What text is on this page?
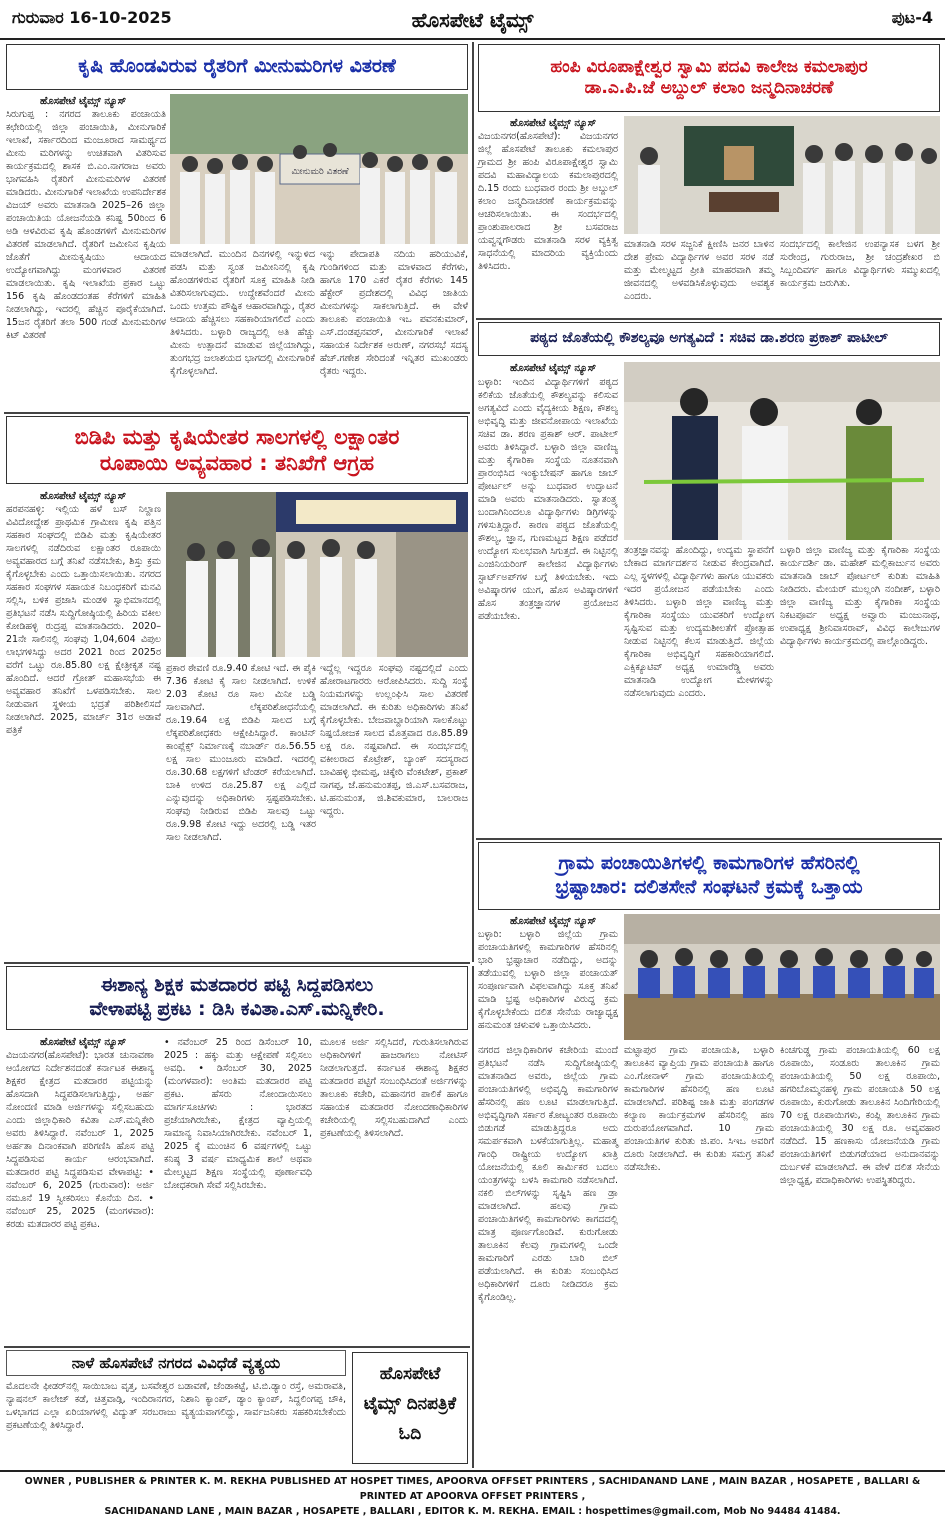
ಹೊಸಪೇಟೆ ಟೈಮ್ಸ್
ಗುರುವಾರ 16-10-2025	ಪುಟ-4
ಕೃಷಿ ಹೊಂಡವಿರುವ ರೈತರಿಗೆ ಮೀನುಮರಿಗಳ ವಿತರಣೆ
ಹೊಸಪೇಟೆ ಟೈಮ್ಸ್ ನ್ಯೂಸ್
ಸಿರುಗುಪ್ಪ : ನಗರದ ತಾಲೂಕು ಪಂಚಾಯತಿ ಕಛೇರಿಯಲ್ಲಿ ಜಿಲ್ಲಾ ಪಂಚಾಯಿತಿ, ಮೀನುಗಾರಿಕೆ ಇಲಾಖೆ, ಸರ್ಕಾರದಿಂದ ಮಂಜೂರಾದ ಸಾಮರ್ಥ್ಯದ ಮೀನು ಮರಿಗಳನ್ನು ಉಚಿತವಾಗಿ ವಿತರಿಸುವ ಕಾರ್ಯಕ್ರಮದಲ್ಲಿ ಶಾಸಕ ಬಿ.ಎಂ.ನಾಗರಾಜ ಅವರು ಭಾಗವಹಿಸಿ ರೈತರಿಗೆ ಮೀನುಮರಿಗಳ ವಿತರಣೆ ಮಾಡಿದರು. ಮೀನುಗಾರಿಕೆ ಇಲಾಖೆಯ ಉಪನಿರ್ದೇಶಕ ವಿಜಯ್ ಅವರು ಮಾತನಾಡಿ 2025–26 ಜಿಲ್ಲಾ ಪಂಚಾಯಿತಿಯ ಯೋಜನೆಯಡಿ ಕನಿಷ್ಟ 50ರಿಂದ 6 ಅಡಿ ಆಳವಿರುವ ಕೃಷಿ ಹೊಂಡಗಳಿಗೆ ಮೀನುಮರಿಗಳ ವಿತರಣೆ ಮಾಡಲಾಗಿದೆ. ರೈತರಿಗೆ ಜಮೀನಿನ ಕೃಷಿಯ ಜೊತೆಗೆ ಮೀನುಕೃಷಿಯು ಆದಾಯದ ಉದ್ಯೋಗವಾಗಿದ್ದು ಮಂಗಳವಾರ ವಿತರಣೆ ಮಾಡಲಾಯಿತು. ಕೃಷಿ ಇಲಾಖೆಯ ಪ್ರಕಾರ ಒಟ್ಟು 156 ಕೃಷಿ ಹೊಂಡದಂತಹ ಕೆರೆಗಳಿಗೆ ಮಾಹಿತಿ ನೀಡಲಾಗಿದ್ದು, ಇದರಲ್ಲಿ ಹೆಚ್ಚಿನ ಪೂರೈಕೆಯಾಗಿದೆ. 15ಜನ ರೈತರಿಗೆ ತಲಾ 500 ಗಂಡೆ ಮೀನುಮರಿಗಳ ಕಿಟ್ ವಿತರಣೆ
ಮೀನುಮರಿ ವಿತರಣೆ
ಮಾಡಲಾಗಿದೆ. ಮುಂದಿನ ದಿನಗಳಲ್ಲಿ ಇನ್ನುಳಿದ ಪಡಸಿ ಮತ್ತು ಸ್ವಂತ ಜಮೀನಿನಲ್ಲಿ ಕೃಷಿ ಹೊಂಡಗಳಿರುವ ರೈತರಿಗೆ ಸೂಕ್ತ ಮಾಹಿತಿ ನೀಡಿ ವಿತರಿಸಲಾಗುವುದು. ಉದ್ದೇಶವೆಂದರೆ ಮೀನು ಒಂದು ಉತ್ತಮ ಪೌಷ್ಟಿಕ ಆಹಾರವಾಗಿದ್ದು, ರೈತರ ಆದಾಯ ಹೆಚ್ಚಿಸಲು ಸಹಕಾರಿಯಾಗಲಿದೆ ಎಂದು ತಿಳಿಸಿದರು. ಬಳ್ಳಾರಿ ರಾಜ್ಯದಲ್ಲಿ ಅತಿ ಹೆಚ್ಚು ಮೀನು ಉತ್ಪಾದನೆ ಮಾಡುವ ಜಿಲ್ಲೆಯಾಗಿದ್ದು, ತುಂಗಭದ್ರ ಜಲಾಶಯದ ಭಾಗದಲ್ಲಿ ಮೀನುಗಾರಿಕೆ ಕೈಗೊಳ್ಳಲಾಗಿದೆ.
ಇನ್ನು ಪೇದಾಪತಿ ನದಿಯ ಹರಿಯುವಿಕೆ, ಗುಂಡಿಗಳಿಂದ ಮತ್ತು ಮಾಳವಾದ ಕೆರೆಗಳು, ಹಾಗೂ 170 ಎಕರೆ ರೈತರ ಕೆರೆಗಳು 145 ಹೆಕ್ಟೇರ್ ಪ್ರದೇಶದಲ್ಲಿ ವಿವಿಧ ಜಾತಿಯ ಮೀನುಗಳನ್ನು ಸಾಕಲಾಗುತ್ತಿದೆ. ಈ ವೇಳೆ ತಾಲೂಕು ಪಂಚಾಯಿತಿ ಇಒ ಪವನಕುಮಾರ್, ಎಸ್.ದಂಡಪ್ಪನವರ್, ಮೀನುಗಾರಿಕೆ ಇಲಾಖೆ ಸಹಾಯಕ ನಿರ್ದೇಶಕ ಅರುಣ್, ನಗರಸಭೆ ಸದಸ್ಯ ಹೆಚ್.ಗಣೇಶ ಸೇರಿದಂತೆ ಇನ್ನಿತರ ಮುಖಂಡರು ರೈತರು ಇದ್ದರು.
ಬಿಡಿಪಿ ಮತ್ತು ಕೃಷಿಯೇತರ ಸಾಲಗಳಲ್ಲಿ ಲಕ್ಷಾಂತರ
ರೂಪಾಯಿ ಅವ್ಯವಹಾರ : ತನಿಖೆಗೆ ಆಗ್ರಹ
ಹೊಸಪೇಟೆ ಟೈಮ್ಸ್ ನ್ಯೂಸ್
ಹರಪನಹಳ್ಳಿ: ಇಲ್ಲಿಯ ಹಳೆ ಬಸ್ ನಿಲ್ದಾಣ ವಿವಿದೋದ್ದೇಶ ಪ್ರಾಥಮಿಕ ಗ್ರಾಮೀಣ ಕೃಷಿ ಪತ್ತಿನ ಸಹಕಾರ ಸಂಘದಲ್ಲಿ ಬಿಡಿಪಿ ಮತ್ತು ಕೃಷಿಯೇತರ ಸಾಲಗಳಲ್ಲಿ ನಡೆದಿರುವ ಲಕ್ಷಾಂತರ ರೂಪಾಯಿ ಅವ್ಯವಹಾರದ ಬಗ್ಗೆ ತನಿಖೆ ನಡೆಸಬೇಕು, ಶಿಸ್ತು ಕ್ರಮ ಕೈಗೊಳ್ಳಬೇಕು ಎಂದು ಒತ್ತಾಯಿಸಲಾಯಿತು. ನಗರದ ಸಹಕಾರ ಸಂಘಗಳ ಸಹಾಯಕ ನಿಬಂಧಕರಿಗೆ ಮನವಿ ಸಲ್ಲಿಸಿ, ಬಳಿಕ ಪ್ರಜಾಸಿ ಮಂಡಳಿ ಸ್ವಾಭಿಮಾನದಲ್ಲಿ ಪ್ರತಿಭಟನೆ ನಡೆಸಿ ಸುದ್ದಿಗೋಷ್ಠಿಯಲ್ಲಿ ಹಿರಿಯ ವಕೀಲ ಕೋಡಿಹಳ್ಳಿ ರುದ್ರಪ್ಪ ಮಾತನಾಡಿದರು. 2020–21ನೇ ಸಾಲಿನಲ್ಲಿ ಸಂಘವು 1,04,604 ವಿಪುಲ ಲಾಭಗಳಿಸಿದ್ದು ಅದರ 2021 ರಿಂದ 2025ರ ವರೆಗೆ ಒಟ್ಟು ರೂ.85.80 ಲಕ್ಷ ಕ್ಷೇತ್ರೀಕೃತ ನಷ್ಟ ಹೊಂದಿದೆ. ಆದರೆ ಗ್ರೋತ್ ಮಹಾಸಭೆಯ ಈ ಅವ್ಯವಹಾರ ತನಿಖೆಗೆ ಒಳಪಡಿಸಬೇಕು. ಸಾಲ ನೀಡುವಾಗ ಸ್ಥಳೀಯ ಭದ್ರತೆ ಪರಿಶೀಲಿಸದೆ ನೀಡಲಾಗಿದೆ. 2025, ಮಾರ್ಚ್ 31ರ ಅಡಾವೆ ಪತ್ರಿಕೆ
ಪ್ರಕಾರ ಠೇವಣಿ ರೂ.9.40 ಕೋಟಿ ಇದೆ. ಈ ಪೈಕಿ 7.36 ಕೋಟಿ ಕೈ ಸಾಲ ನೀಡಲಾಗಿದೆ. ಉಳಿಕೆ 2.03 ಕೋಟಿ ರೂ ಸಾಲ ಮಿನೀ ಬಡ್ಡಿ ಸಾಲವಾಗಿದೆ. ಲೆಕ್ಕಪರಿಶೋಧನೆಯಲ್ಲಿ ರೂ.19.64 ಲಕ್ಷ ಬಿಡಿಪಿ ಸಾಲದ ಬಗ್ಗೆ ಲೆಕ್ಕಪರಿಶೋಧಕರು ಆಕ್ಷೇಪಿಸಿದ್ದಾರೆ. ಕಾಂಟಿನ್ ಕಾಂಪ್ಲೆಕ್ಸ್ ನಿರ್ಮಾಣಕ್ಕೆ ನಬಾರ್ಡ್ ರೂ.56.55 ಲಕ್ಷ ಸಾಲ ಮುಂಜೂರು ಮಾಡಿದೆ. ಇದರಲ್ಲಿ ರೂ.30.68 ಲಕ್ಷಗಳಿಗೆ ಟೆಂಡರ್ ಕರೆಯಲಾಗಿದೆ. ಬಾಕಿ ಉಳಿದ ರೂ.25.87 ಲಕ್ಷ ಎಲ್ಲಿದೆ ಎನ್ನುವುದನ್ನು ಅಧಿಕಾರಿಗಳು ಸ್ಪಷ್ಟಪಡಿಸಬೇಕು. ಸಂಘವು ನೀಡಿರುವ ಬಿಡಿಪಿ ಸಾಲವು ಒಟ್ಟು ರೂ.9.98 ಕೋಟಿ ಇದ್ದು ಅದರಲ್ಲಿ ಬಡ್ಡಿ ಇತರ ಸಾಲ ನೀಡಲಾಗಿದೆ.
ಇದ್ದೆಲ್ಲ ಇದ್ದರೂ ಸಂಘವು ನಷ್ಟದಲ್ಲಿದೆ ಎಂದು ಹೋರಾಟಗಾರರು ಆರೋಪಿಸಿದರು. ಸುದ್ದಿ ಸಂಸ್ಥೆ ನಿಯಮಗಳನ್ನು ಉಲ್ಲಂಘಿಸಿ ಸಾಲ ವಿತರಣೆ ಮಾಡಲಾಗಿದೆ. ಈ ಕುರಿತು ಅಧಿಕಾರಿಗಳು ತನಿಖೆ ಕೈಗೊಳ್ಳಬೇಕು. ಬೇಜವಾಬ್ದಾರಿಯಾಗಿ ಸಾಲಕೊಟ್ಟು ನಿಷ್ಪಯೋಜಕ ಸಾಲದ ಮೊತ್ತವಾದ ರೂ.85.89 ಲಕ್ಷ ರೂ. ನಷ್ಟವಾಗಿದೆ. ಈ ಸಂದರ್ಭದಲ್ಲಿ ವಕೀಲರಾದ ಕೊಟ್ರೇಶ್, ಬ್ಯಾಂಕ್ ಸದಸ್ಯರಾದ ಬಾವಿಹಳ್ಳಿ ಭೀಮಪ್ಪ, ಚಿಕ್ಕೇರಿ ವೆಂಕಟೇಶ್, ಪ್ರಕಾಶ್ ನಾಗಪ್ಪ, ಜೆ.ಹನುಮಂತಪ್ಪ, ಜಿ.ಎಸ್.ಬಸವರಾಜ, ಟಿ.ಹನುಮಂತ, ಜಿ.ಶಿವಕುಮಾರ, ಬಾಲರಾಜ ಇದ್ದರು.
ಈಶಾನ್ಯ ಶಿಕ್ಷಕ ಮತದಾರರ ಪಟ್ಟಿ ಸಿದ್ದಪಡಿಸಲು
ವೇಳಾಪಟ್ಟಿ ಪ್ರಕಟ : ಡಿಸಿ ಕವಿತಾ.ಎಸ್.ಮನ್ನಿಕೇರಿ.
ಹೊಸಪೇಟೆ ಟೈಮ್ಸ್ ನ್ಯೂಸ್
ವಿಜಯನಗರ(ಹೊಸಪೇಟೆ): ಭಾರತ ಚುನಾವಣಾ ಆಯೋಗದ ನಿರ್ದೇಶನದಂತೆ ಕರ್ನಾಟಕ ಈಶಾನ್ಯ ಶಿಕ್ಷಕರ ಕ್ಷೇತ್ರದ ಮತದಾರರ ಪಟ್ಟಿಯನ್ನು ಹೊಸದಾಗಿ ಸಿದ್ದಪಡಿಸಲಾಗುತ್ತಿದ್ದು, ಅರ್ಹ ನೋಂದಣಿ ಮಾಡಿ ಅರ್ಜಿಗಳನ್ನು ಸಲ್ಲಿಸಬಹುದು ಎಂದು ಜಿಲ್ಲಾಧಿಕಾರಿ ಕವಿತಾ ಎಸ್.ಮನ್ನಿಕೇರಿ ಅವರು ತಿಳಿಸಿದ್ದಾರೆ. ನವೆಂಬರ್ 1, 2025 ಅರ್ಹತಾ ದಿನಾಂಕವಾಗಿ ಪರಿಗಣಿಸಿ ಹೊಸ ಪಟ್ಟಿ ಸಿದ್ದಪಡಿಸುವ ಕಾರ್ಯ ಆರಂಭವಾಗಿದೆ. ಮತದಾರರ ಪಟ್ಟಿ ಸಿದ್ದಪಡಿಸುವ ವೇಳಾಪಟ್ಟಿ: • ನವೆಂಬರ್ 6, 2025 (ಗುರುವಾರ): ಅರ್ಜಿ ನಮೂನೆ 19 ಸ್ವೀಕರಿಸಲು ಕೊನೆಯ ದಿನ. • ನವೆಂಬರ್ 25, 2025 (ಮಂಗಳವಾರ): ಕರಡು ಮತದಾರರ ಪಟ್ಟಿ ಪ್ರಕಟ.
• ನವೆಂಬರ್ 25 ರಿಂದ ಡಿಸೆಂಬರ್ 10, 2025 : ಹಕ್ಕು ಮತ್ತು ಆಕ್ಷೇಪಣೆ ಸಲ್ಲಿಸಲು ಅವಧಿ. • ಡಿಸೆಂಬರ್ 30, 2025 (ಮಂಗಳವಾರ): ಅಂತಿಮ ಮತದಾರರ ಪಟ್ಟಿ ಪ್ರಕಟ. ಹೆಸರು ನೋಂದಾಯಿಸಲು ಮಾರ್ಗಸೂಚಿಗಳು : ಭಾರತದ ಪ್ರಜೆಯಾಗಿರಬೇಕು, ಕ್ಷೇತ್ರದ ವ್ಯಾಪ್ತಿಯಲ್ಲಿ ಸಾಮಾನ್ಯ ನಿವಾಸಿಯಾಗಿರಬೇಕು. ನವೆಂಬರ್ 1, 2025 ಕ್ಕೆ ಮುಂಚಿನ 6 ವರ್ಷಗಳಲ್ಲಿ ಒಟ್ಟು ಕನಿಷ್ಠ 3 ವರ್ಷ ಮಾಧ್ಯಮಿಕ ಶಾಲೆ ಅಥವಾ ಮೇಲ್ಮಟ್ಟದ ಶಿಕ್ಷಣ ಸಂಸ್ಥೆಯಲ್ಲಿ ಪೂರ್ಣಾವಧಿ ಬೋಧಕರಾಗಿ ಸೇವೆ ಸಲ್ಲಿಸಿರಬೇಕು.
ಮೂಲಕ ಅರ್ಜಿ ಸಲ್ಲಿಸಿದರೆ, ಗುರುತಿಸಲಾಗಿರುವ ಅಧಿಕಾರಿಗಳಿಗೆ ಹಾಜರಾಗಲು ನೋಟಿಸ್ ನೀಡಲಾಗುತ್ತದೆ. ಕರ್ನಾಟಕ ಈಶಾನ್ಯ ಶಿಕ್ಷಕರ ಮತದಾರರ ಪಟ್ಟಿಗೆ ಸಂಬಂಧಿಸಿದಂತೆ ಅರ್ಜಿಗಳನ್ನು ತಾಲೂಕು ಕಚೇರಿ, ಮಹಾನಗರ ಪಾಲಿಕೆ ಹಾಗೂ ಸಹಾಯಕ ಮತದಾರರ ನೋಂದಣಾಧಿಕಾರಿಗಳ ಕಚೇರಿಯಲ್ಲಿ ಸಲ್ಲಿಸಬಹುದಾಗಿದೆ ಎಂದು ಪ್ರಕಟಣೆಯಲ್ಲಿ ತಿಳಿಸಲಾಗಿದೆ.
ನಾಳೆ ಹೊಸಪೇಟೆ ನಗರದ ವಿವಿಧೆಡೆ ವ್ಯತ್ಯಯ
ಮೊದಲನೇ ಫೀಡರ್‌ನಲ್ಲಿ ಸಾಯಿಬಾಬ ವೃತ್ತ, ಬಸವೇಶ್ವರ ಬಡಾವಣೆ, ಜೆಂಡಾಕಟ್ಟೆ, ಟಿ.ಬಿ.ಡ್ಯಾಂ ರಸ್ತೆ, ಅಮರಾವತಿ, ನ್ಯಾಷನಲ್ ಕಾಲೇಜ್ ಕಡೆ, ಚಿತ್ತವಾಡ್ಗಿ, ಇಂದಿರಾನಗರ, ನಿಶಾನಿ ಕ್ಯಾಂಪ್, ಡ್ಯಾಂ ಕ್ಯಾಂಪ್, ಸಿದ್ದಲಿಂಗಪ್ಪ ಚೌಕಿ, ಒಳಭಾಗದ ಎಲ್ಲಾ ಏರಿಯಾಗಳಲ್ಲಿ ವಿದ್ಯುತ್ ಸರಬರಾಜು ವ್ಯತ್ಯಯವಾಗಲಿದ್ದು, ಸಾರ್ವಜನಿಕರು ಸಹಕರಿಸಬೇಕೆಂದು ಪ್ರಕಟಣೆಯಲ್ಲಿ ತಿಳಿಸಿದ್ದಾರೆ.
ಹೊಸಪೇಟೆ
ಟೈಮ್ಸ್ ದಿನಪತ್ರಿಕೆ
ಓದಿ
ಹಂಪಿ ವಿರೂಪಾಕ್ಷೇಶ್ವರ ಸ್ವಾಮಿ ಪದವಿ ಕಾಲೇಜ ಕಮಲಾಪುರ
ಡಾ.ಎ.ಪಿ.ಜೆ ಅಬ್ದುಲ್ ಕಲಾಂ ಜನ್ಮದಿನಾಚರಣೆ
ಹೊಸಪೇಟೆ ಟೈಮ್ಸ್ ನ್ಯೂಸ್
ವಿಜಯನಗರ(ಹೊಸಪೇಟೆ): ವಿಜಯನಗರ ಜಿಲ್ಲೆ ಹೊಸಪೇಟೆ ತಾಲೂಕು ಕಮಲಾಪುರ ಗ್ರಾಮದ ಶ್ರೀ ಹಂಪಿ ವಿರೂಪಾಕ್ಷೇಶ್ವರ ಸ್ವಾಮಿ ಪದವಿ ಮಹಾವಿದ್ಯಾಲಯ ಕಮಲಾಪುರದಲ್ಲಿ ದಿ.15 ರಂದು ಬುಧವಾರ ರಂದು ಶ್ರೀ ಅಬ್ದುಲ್ ಕಲಾಂ ಜನ್ಮದಿನಾಚರಣೆ ಕಾರ್ಯಕ್ರಮವನ್ನು ಆಚರಿಸಲಾಯಿತು. ಈ ಸಂದರ್ಭದಲ್ಲಿ ಪ್ರಾಂಶುಪಾಲರಾದ ಶ್ರೀ ಬಸವರಾಜ ಯವ್ವನ್ನಗೌಡರು ಮಾತನಾಡಿ ಸರಳ ವ್ಯಕ್ತಿತ್ವ ಸಾಧನೆಯಲ್ಲಿ ಮಾದರಿಯ ವ್ಯಕ್ತಿಯೆಂದು ತಿಳಿಸಿದರು.
ಮಾತನಾಡಿ ಸರಳ ಸಜ್ಜನಿಕೆ ಕ್ಷೀಣಿಸಿ ಜನರ ಬಾಳಿನ ದೇಶ ಪ್ರೇಮ ವಿದ್ಯಾರ್ಥಿಗಳ ಅವರ ಸರಳ ನಡೆ ಮತ್ತು ಮೇಲ್ಮಟ್ಟದ ಪ್ರೀತಿ ಮಾಹರವಾಗಿ ತಮ್ಮ ಜೀವನದಲ್ಲಿ ಅಳವಡಿಸಿಕೊಳ್ಳುವುದು ಅವಶ್ಯಕ ಎಂದರು.
ಸಂದರ್ಭದಲ್ಲಿ ಕಾಲೇಜಿನ ಉಪನ್ಯಾಸಕ ಬಳಗ ಶ್ರೀ ಸುರೇಂದ್ರ, ಗುರುರಾಜ, ಶ್ರೀ ಚಂದ್ರಶೇಖರ ಬಿ ಸಿಬ್ಬಂದಿವರ್ಗ ಹಾಗೂ ವಿದ್ಯಾರ್ಥಿಗಳು ಸಮ್ಮುಖದಲ್ಲಿ ಕಾರ್ಯಕ್ರಮ ಜರುಗಿತು.
ಪಠ್ಯದ ಜೊತೆಯಲ್ಲಿ ಕೌಶಲ್ಯವೂ ಅಗತ್ಯವಿದೆ : ಸಚಿವ ಡಾ.ಶರಣ ಪ್ರಕಾಶ್ ಪಾಟೀಲ್
ಹೊಸಪೇಟೆ ಟೈಮ್ಸ್ ನ್ಯೂಸ್
ಬಳ್ಳಾರಿ: ಇಂದಿನ ವಿದ್ಯಾರ್ಥಿಗಳಿಗೆ ಪಠ್ಯದ ಕಲಿಕೆಯ ಜೊತೆಯಲ್ಲಿ ಕೌಶಲ್ಯವನ್ನು ಕಲಿಸುವ ಅಗತ್ಯವಿದೆ ಎಂದು ವೈದ್ಯಕೀಯ ಶಿಕ್ಷಣ, ಕೌಶಲ್ಯ ಅಭಿವೃದ್ಧಿ ಮತ್ತು ಜೀವನೋಪಾಯ ಇಲಾಖೆಯ ಸಚಿವ ಡಾ. ಶರಣ ಪ್ರಕಾಶ್ ಆರ್. ಪಾಟೀಲ್ ಅವರು ತಿಳಿಸಿದ್ದಾರೆ. ಬಳ್ಳಾರಿ ಜಿಲ್ಲಾ ವಾಣಿಜ್ಯ ಮತ್ತು ಕೈಗಾರಿಕಾ ಸಂಸ್ಥೆಯ ನೂತನವಾಗಿ ಪ್ರಾರಂಭಿಸಿದ ಇಂಕ್ಯುಬೇಷನ್ ಹಾಗೂ ಜಾಬ್ ಪೋರ್ಟಲ್ ಅನ್ನು ಬುಧವಾರ ಉದ್ಘಾಟನೆ ಮಾಡಿ ಅವರು ಮಾತನಾಡಿದರು. ಸ್ವಾತಂತ್ರ್ಯ ಬಂದಾಗಿನಿಂದಲೂ ವಿದ್ಯಾರ್ಥಿಗಳು ಡಿಗ್ರಿಗಳನ್ನು ಗಳಿಸುತ್ತಿದ್ದಾರೆ. ಕಾರಣ ಪಠ್ಯದ ಜೊತೆಯಲ್ಲಿ ಕೌಶಲ್ಯ, ಜ್ಞಾನ, ಗುಣಮಟ್ಟದ ಶಿಕ್ಷಣ ಪಡೆದರೆ ಉದ್ಯೋಗ ಸುಲಭವಾಗಿ ಸಿಗುತ್ತದೆ. ಈ ನಿಟ್ಟಿನಲ್ಲಿ ಎಂಜಿನಿಯರಿಂಗ್ ಕಾಲೇಜಿನ ವಿದ್ಯಾರ್ಥಿಗಳು ಸ್ಟಾರ್ಟ್‌ಅಪ್‌ಗಳ ಬಗ್ಗೆ ತಿಳಿಯಬೇಕು. ಇದು ಅವಿಷ್ಕಾರಗಳ ಯುಗ, ಹೊಸ ಅವಿಷ್ಕಾರಗಳಿಗೆ ಹೊಸ ತಂತ್ರಜ್ಞಾನಗಳ ಪ್ರಯೋಜನ ಪಡೆಯಬೇಕು.
ತಂತ್ರಜ್ಞಾನವನ್ನು ಹೊಂದಿದ್ದು, ಉದ್ಯಮ ಸ್ಥಾಪನೆಗೆ ಬೇಕಾದ ಮಾರ್ಗದರ್ಶನ ನೀಡುವ ಕೇಂದ್ರವಾಗಿದೆ. ಎಲ್ಲ ಸ್ಥಳಗಳಲ್ಲಿ ವಿದ್ಯಾರ್ಥಿಗಳು ಹಾಗೂ ಯುವಕರು ಇದರ ಪ್ರಯೋಜನ ಪಡೆಯಬೇಕು ಎಂದು ತಿಳಿಸಿದರು. ಬಳ್ಳಾರಿ ಜಿಲ್ಲಾ ವಾಣಿಜ್ಯ ಮತ್ತು ಕೈಗಾರಿಕಾ ಸಂಸ್ಥೆಯು ಯುವಕರಿಗೆ ಉದ್ಯೋಗ ಸೃಷ್ಟಿಸುವ ಮತ್ತು ಉದ್ಯಮಶೀಲತೆಗೆ ಪ್ರೋತ್ಸಾಹ ನೀಡುವ ನಿಟ್ಟಿನಲ್ಲಿ ಕೆಲಸ ಮಾಡುತ್ತಿದೆ. ಜಿಲ್ಲೆಯ ಕೈಗಾರಿಕಾ ಅಭಿವೃದ್ಧಿಗೆ ಸಹಕಾರಿಯಾಗಲಿದೆ. ಎಕ್ಸಿಕ್ಯೂಟಿವ್ ಅಧ್ಯಕ್ಷ ಉಮಾರೆಡ್ಡಿ ಅವರು ಮಾತನಾಡಿ ಉದ್ಯೋಗ ಮೇಳಗಳನ್ನು ನಡೆಸಲಾಗುವುದು ಎಂದರು.
ಬಳ್ಳಾರಿ ಜಿಲ್ಲಾ ವಾಣಿಜ್ಯ ಮತ್ತು ಕೈಗಾರಿಕಾ ಸಂಸ್ಥೆಯ ಕಾರ್ಯದರ್ಶಿ ಡಾ. ಮಹೇಶ್ ಮಲ್ಲಿಕಾರ್ಜುನ ಅವರು ಮಾತನಾಡಿ ಜಾಬ್ ಪೋರ್ಟಲ್ ಕುರಿತು ಮಾಹಿತಿ ನೀಡಿದರು. ಮೇಯರ್ ಮುಲ್ಲಂಗಿ ನಂದೀಶ್, ಬಳ್ಳಾರಿ ಜಿಲ್ಲಾ ವಾಣಿಜ್ಯ ಮತ್ತು ಕೈಗಾರಿಕಾ ಸಂಸ್ಥೆಯ ನಿಕಟಪೂರ್ವ ಅಧ್ಯಕ್ಷ ಅವ್ವಾರು ಮಂಜುನಾಥ, ಉಪಾಧ್ಯಕ್ಷ ಶ್ರೀನಿವಾಸರಾವ್, ವಿವಿಧ ಕಾಲೇಜುಗಳ ವಿದ್ಯಾರ್ಥಿಗಳು ಕಾರ್ಯಕ್ರಮದಲ್ಲಿ ಪಾಲ್ಗೊಂಡಿದ್ದರು.
ಗ್ರಾಮ ಪಂಚಾಯಿತಿಗಳಲ್ಲಿ ಕಾಮಗಾರಿಗಳ ಹೆಸರಿನಲ್ಲಿ
ಭ್ರಷ್ಟಾಚಾರ: ದಲಿತಸೇನೆ ಸಂಘಟನೆ ಕ್ರಮಕ್ಕೆ ಒತ್ತಾಯ
ಹೊಸಪೇಟೆ ಟೈಮ್ಸ್ ನ್ಯೂಸ್
ಬಳ್ಳಾರಿ: ಬಳ್ಳಾರಿ ಜಿಲ್ಲೆಯ ಗ್ರಾಮ ಪಂಚಾಯತಿಗಳಲ್ಲಿ ಕಾಮಗಾರಿಗಳ ಹೆಸರಿನಲ್ಲಿ ಭಾರಿ ಭ್ರಷ್ಟಾಚಾರ ನಡೆದಿದ್ದು, ಅದನ್ನು ತಡೆಯುವಲ್ಲಿ ಬಳ್ಳಾರಿ ಜಿಲ್ಲಾ ಪಂಚಾಯತ್ ಸಂಪೂರ್ಣವಾಗಿ ವಿಫಲವಾಗಿದ್ದು ಸೂಕ್ತ ತನಿಖೆ ಮಾಡಿ ಭ್ರಷ್ಟ ಅಧಿಕಾರಿಗಳ ವಿರುದ್ಧ ಕ್ರಮ ಕೈಗೊಳ್ಳಬೇಕೆಂದು ದಲಿತ ಸೇನೆಯ ರಾಜ್ಯಾಧ್ಯಕ್ಷ ಹನುಮಂತ ಚಳುವಳಿ ಒತ್ತಾಯಿಸಿದರು.
ನಗರದ ಜಿಲ್ಲಾಧಿಕಾರಿಗಳ ಕಚೇರಿಯ ಮುಂದೆ ಪ್ರತಿಭಟನೆ ನಡೆಸಿ ಸುದ್ದಿಗೋಷ್ಠಿಯಲ್ಲಿ ಮಾತನಾಡಿದ ಅವರು, ಜಿಲ್ಲೆಯ ಗ್ರಾಮ ಪಂಚಾಯತಿಗಳಲ್ಲಿ ಅಭಿವೃದ್ಧಿ ಕಾಮಗಾರಿಗಳ ಹೆಸರಿನಲ್ಲಿ ಹಣ ಲೂಟಿ ಮಾಡಲಾಗುತ್ತಿದೆ. ಅಭಿವೃದ್ಧಿಗಾಗಿ ಸರ್ಕಾರ ಕೋಟ್ಯಂತರ ರೂಪಾಯಿ ಬಿಡುಗಡೆ ಮಾಡುತ್ತಿದ್ದರೂ ಅದು ಸಮರ್ಪಕವಾಗಿ ಬಳಕೆಯಾಗುತ್ತಿಲ್ಲ. ಮಹಾತ್ಮ ಗಾಂಧಿ ರಾಷ್ಟ್ರೀಯ ಉದ್ಯೋಗ ಖಾತ್ರಿ ಯೋಜನೆಯಲ್ಲಿ ಕೂಲಿ ಕಾರ್ಮಿಕರ ಬದಲು ಯಂತ್ರಗಳನ್ನು ಬಳಸಿ ಕಾಮಗಾರಿ ನಡೆಸಲಾಗಿದೆ. ನಕಲಿ ಬಿಲ್‌ಗಳನ್ನು ಸೃಷ್ಟಿಸಿ ಹಣ ಡ್ರಾ ಮಾಡಲಾಗಿದೆ. ಹಲವು ಗ್ರಾಮ ಪಂಚಾಯಿತಿಗಳಲ್ಲಿ ಕಾಮಗಾರಿಗಳು ಕಾಗದದಲ್ಲಿ ಮಾತ್ರ ಪೂರ್ಣಗೊಂಡಿವೆ. ಕುರುಗೋಡು ತಾಲೂಕಿನ ಕೆಲವು ಗ್ರಾಮಗಳಲ್ಲಿ ಒಂದೇ ಕಾಮಗಾರಿಗೆ ಎರಡು ಬಾರಿ ಬಿಲ್ ಪಡೆಯಲಾಗಿದೆ. ಈ ಕುರಿತು ಸಂಬಂಧಿಸಿದ ಅಧಿಕಾರಿಗಳಿಗೆ ದೂರು ನೀಡಿದರೂ ಕ್ರಮ ಕೈಗೊಂಡಿಲ್ಲ.
ಮಟ್ಟಾಪುರ ಗ್ರಾಮ ಪಂಚಾಯತಿ, ಬಳ್ಳಾರಿ ತಾಲೂಕಿನ ವ್ಯಾಪ್ತಿಯ ಗ್ರಾಮ ಪಂಚಾಯತಿ ಹಾಗೂ ಎಂ.ಗೋನಾಳ್ ಗ್ರಾಮ ಪಂಚಾಯತಿಯಲ್ಲಿ ಕಾಮಗಾರಿಗಳ ಹೆಸರಿನಲ್ಲಿ ಹಣ ಲೂಟಿ ಮಾಡಲಾಗಿದೆ. ಪರಿಶಿಷ್ಟ ಜಾತಿ ಮತ್ತು ಪಂಗಡಗಳ ಕಲ್ಯಾಣ ಕಾರ್ಯಕ್ರಮಗಳ ಹೆಸರಿನಲ್ಲಿ ಹಣ ದುರುಪಯೋಗವಾಗಿದೆ. 10 ಗ್ರಾಮ ಪಂಚಾಯತಿಗಳ ಕುರಿತು ಜಿ.ಪಂ. ಸಿಇಒ ಅವರಿಗೆ ದೂರು ನೀಡಲಾಗಿದೆ. ಈ ಕುರಿತು ಸಮಗ್ರ ತನಿಖೆ ನಡೆಸಬೇಕು.
ಕಿಂಚಗುಡ್ಡ ಗ್ರಾಮ ಪಂಚಾಯತಿಯಲ್ಲಿ 60 ಲಕ್ಷ ರೂಪಾಯಿ, ಸಂಡೂರು ತಾಲೂಕಿನ ಗ್ರಾಮ ಪಂಚಾಯತಿಯಲ್ಲಿ 50 ಲಕ್ಷ ರೂಪಾಯಿ, ಹಗರಿಬೊಮ್ಮನಹಳ್ಳಿ ಗ್ರಾಮ ಪಂಚಾಯತಿ 50 ಲಕ್ಷ ರೂಪಾಯಿ, ಕುರುಗೋಡು ತಾಲೂಕಿನ ಸಿಂದಿಗೇರಿಯಲ್ಲಿ 70 ಲಕ್ಷ ರೂಪಾಯಿಗಳು, ಕಂಪ್ಲಿ ತಾಲೂಕಿನ ಗ್ರಾಮ ಪಂಚಾಯತಿಯಲ್ಲಿ 30 ಲಕ್ಷ ರೂ. ಅವ್ಯವಹಾರ ನಡೆದಿದೆ. 15 ಹಣಕಾಸು ಯೋಜನೆಯಡಿ ಗ್ರಾಮ ಪಂಚಾಯತಿಗಳಿಗೆ ಬಿಡುಗಡೆಯಾದ ಅನುದಾನವನ್ನು ದುರ್ಬಳಕೆ ಮಾಡಲಾಗಿದೆ. ಈ ವೇಳೆ ದಲಿತ ಸೇನೆಯ ಜಿಲ್ಲಾಧ್ಯಕ್ಷ, ಪದಾಧಿಕಾರಿಗಳು ಉಪಸ್ಥಿತರಿದ್ದರು.
OWNER , PUBLISHER & PRINTER K. M. REKHA PUBLISHED AT HOSPET TIMES, APOORVA OFFSET PRINTERS , SACHIDANAND LANE , MAIN BAZAR , HOSAPETE , BALLARI & PRINTED AT APOORVA OFFSET PRINTERS ,
SACHIDANAND LANE , MAIN BAZAR , HOSAPETE , BALLARI , EDITOR K. M. REKHA. EMAIL : hospettimes@gmail.com, Mob No 94484 41484.
